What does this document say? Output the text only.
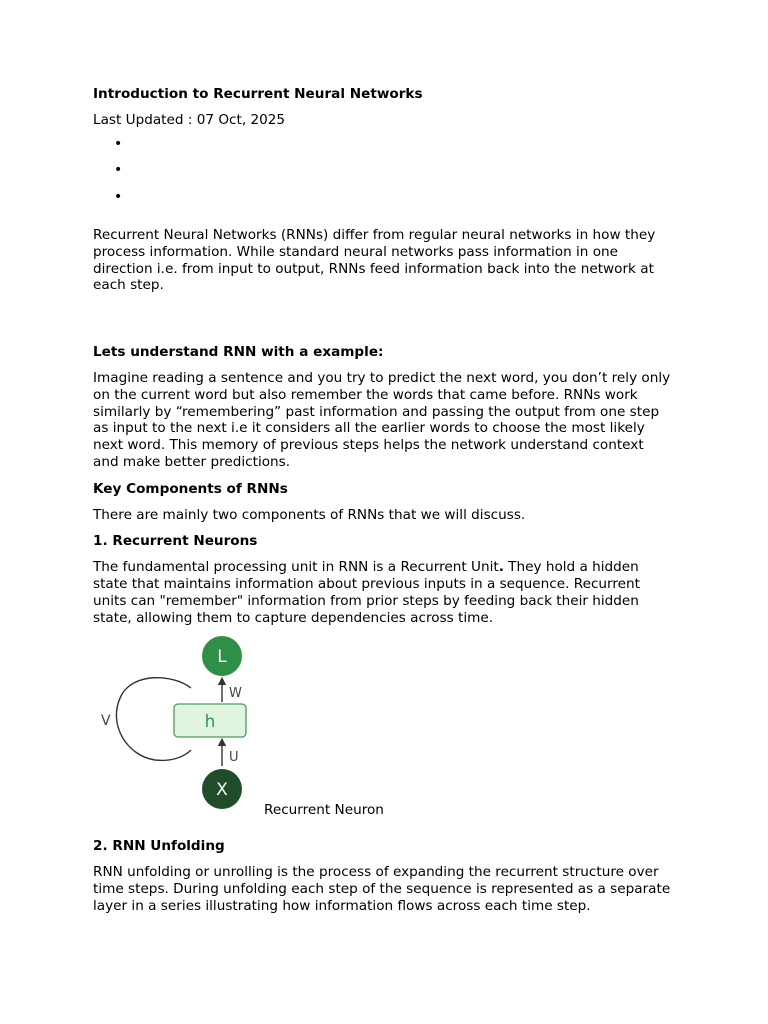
Introduction to Recurrent Neural Networks
Last Updated : 07 Oct, 2025
•
•
•

Recurrent Neural Networks (RNNs) differ from regular neural networks in how they process information. While standard neural networks pass information in one direction i.e. from input to output, RNNs feed information back into the network at each step.

Lets understand RNN with a example:

Imagine reading a sentence and you try to predict the next word, you don’t rely only on the current word but also remember the words that came before. RNNs work similarly by “remembering” past information and passing the output from one step as input to the next i.e it considers all the earlier words to choose the most likely next word. This memory of previous steps helps the network understand context and make better predictions.

Key Components of RNNs

There are mainly two components of RNNs that we will discuss.

1. Recurrent Neurons

The fundamental processing unit in RNN is a Recurrent Unit. They hold a hidden state that maintains information about previous inputs in a sequence. Recurrent units can "remember" information from prior steps by feeding back their hidden state, allowing them to capture dependencies across time.

V
L
W
h
U
X
Recurrent Neuron
2. RNN Unfolding

RNN unfolding or unrolling is the process of expanding the recurrent structure over time steps. During unfolding each step of the sequence is represented as a separate layer in a series illustrating how information flows across each time step.
